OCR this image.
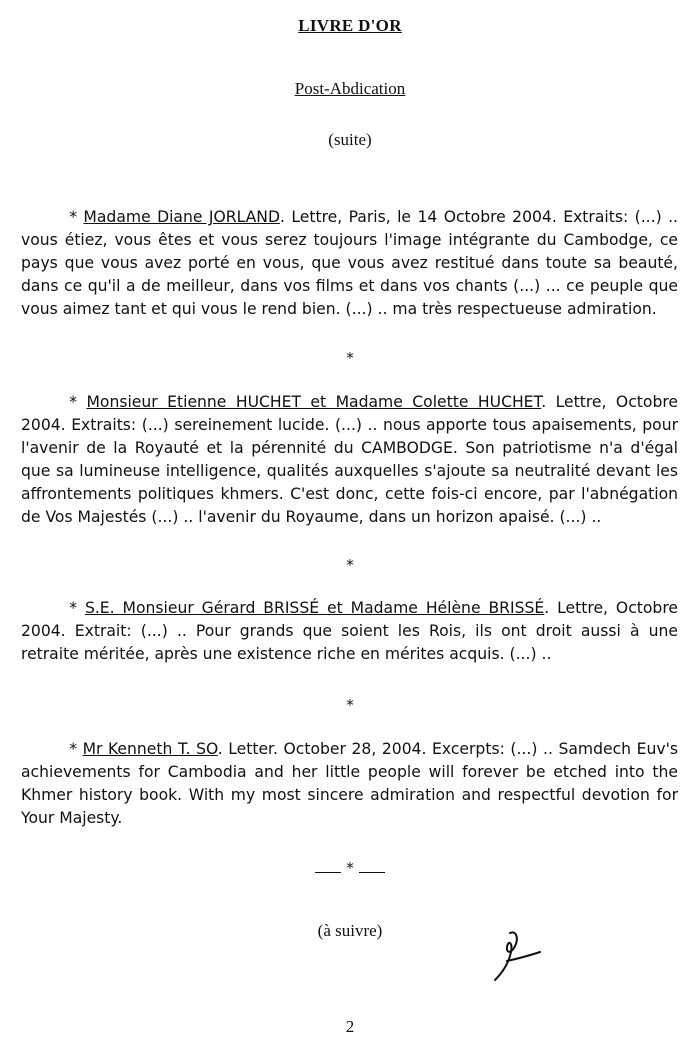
LIVRE D'OR
Post-Abdication
(suite)

* Madame Diane JORLAND. Lettre, Paris, le 14 Octobre 2004. Extraits: (...) .. vous étiez, vous êtes et vous serez toujours l'image intégrante du Cambodge, ce pays que vous avez porté en vous, que vous avez restitué dans toute sa beauté, dans ce qu'il a de meilleur, dans vos films et dans vos chants (...) ... ce peuple que vous aimez tant et qui vous le rend bien. (...) .. ma très respectueuse admiration.

*

* Monsieur Etienne HUCHET et Madame Colette HUCHET. Lettre, Octobre 2004. Extraits: (...) sereinement lucide. (...) .. nous apporte tous apaisements, pour l'avenir de la Royauté et la pérennité du CAMBODGE. Son patriotisme n'a d'égal que sa lumineuse intelligence, qualités auxquelles s'ajoute sa neutralité devant les affrontements politiques khmers. C'est donc, cette fois-ci encore, par l'abnégation de Vos Majestés (...) .. l'avenir du Royaume, dans un horizon apaisé. (...) ..

*

* S.E. Monsieur Gérard BRISSÉ et Madame Hélène BRISSÉ. Lettre, Octobre 2004. Extrait: (...) .. Pour grands que soient les Rois, ils ont droit aussi à une retraite méritée, après une existence riche en mérites acquis. (...) ..

*

* Mr Kenneth T. SO. Letter. October 28, 2004. Excerpts: (...) .. Samdech Euv's achievements for Cambodia and her little people will forever be etched into the Khmer history book. With my most sincere admiration and respectful devotion for Your Majesty.

*
(à suivre)
2
